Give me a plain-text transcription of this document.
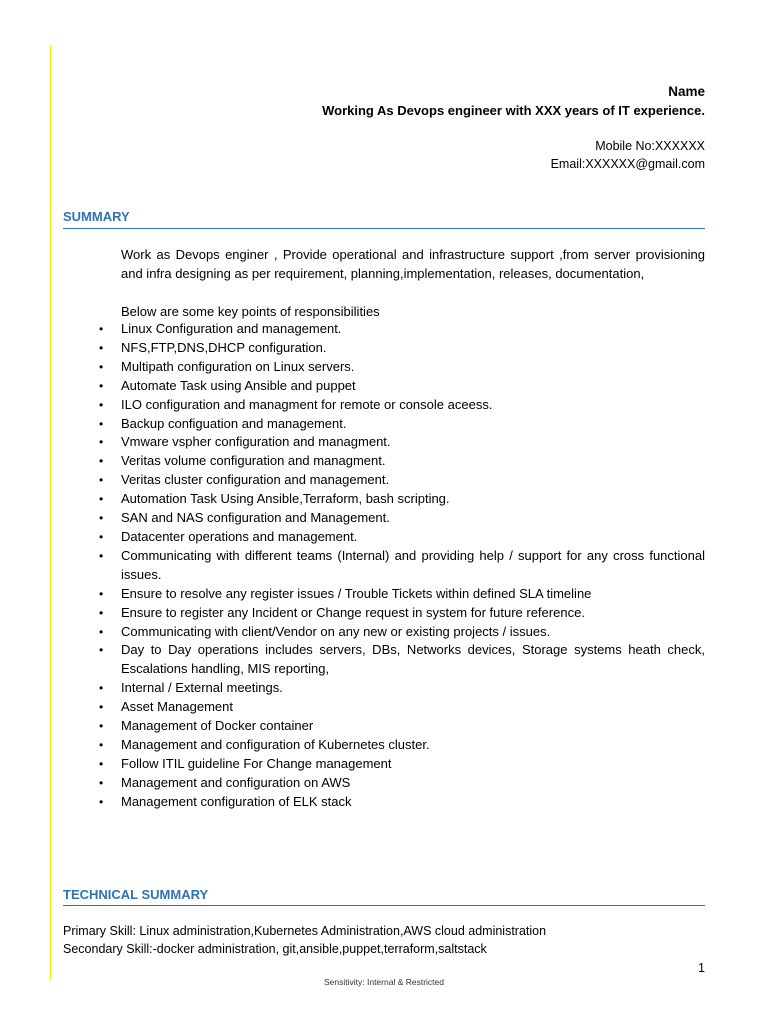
Name
Working As Devops engineer with XXX years of IT experience.
Mobile No:XXXXXX
Email:XXXXXX@gmail.com
SUMMARY
Work as Devops enginer , Provide operational and infrastructure support ,from server provisioning and infra designing as per requirement, planning,implementation, releases, documentation,
Below are some key points of responsibilities
• Linux Configuration and management.
• NFS,FTP,DNS,DHCP configuration.
• Multipath configuration on Linux servers.
• Automate Task using Ansible and puppet
• ILO configuration and managment for remote or console aceess.
• Backup configuation and management.
• Vmware vspher configuration and managment.
• Veritas volume configuration and managment.
• Veritas cluster configuration and management.
• Automation Task Using Ansible,Terraform, bash scripting.
• SAN and NAS configuration and Management.
• Datacenter operations and management.
• Communicating with different teams (Internal) and providing help / support for any cross functional issues.
• Ensure to resolve any register issues / Trouble Tickets within defined SLA timeline
• Ensure to register any Incident or Change request in system for future reference.
• Communicating with client/Vendor on any new or existing projects / issues.
• Day to Day operations includes servers, DBs, Networks devices, Storage systems heath check, Escalations handling, MIS reporting,
• Internal / External meetings.
• Asset Management
• Management of Docker container
• Management and configuration of Kubernetes cluster.
• Follow ITIL guideline For Change management
• Management and configuration on AWS
• Management configuration of ELK stack
TECHNICAL SUMMARY
Primary Skill: Linux administration,Kubernetes Administration,AWS cloud administration
Secondary Skill:-docker administration, git,ansible,puppet,terraform,saltstack
1
Sensitivity: Internal & Restricted
